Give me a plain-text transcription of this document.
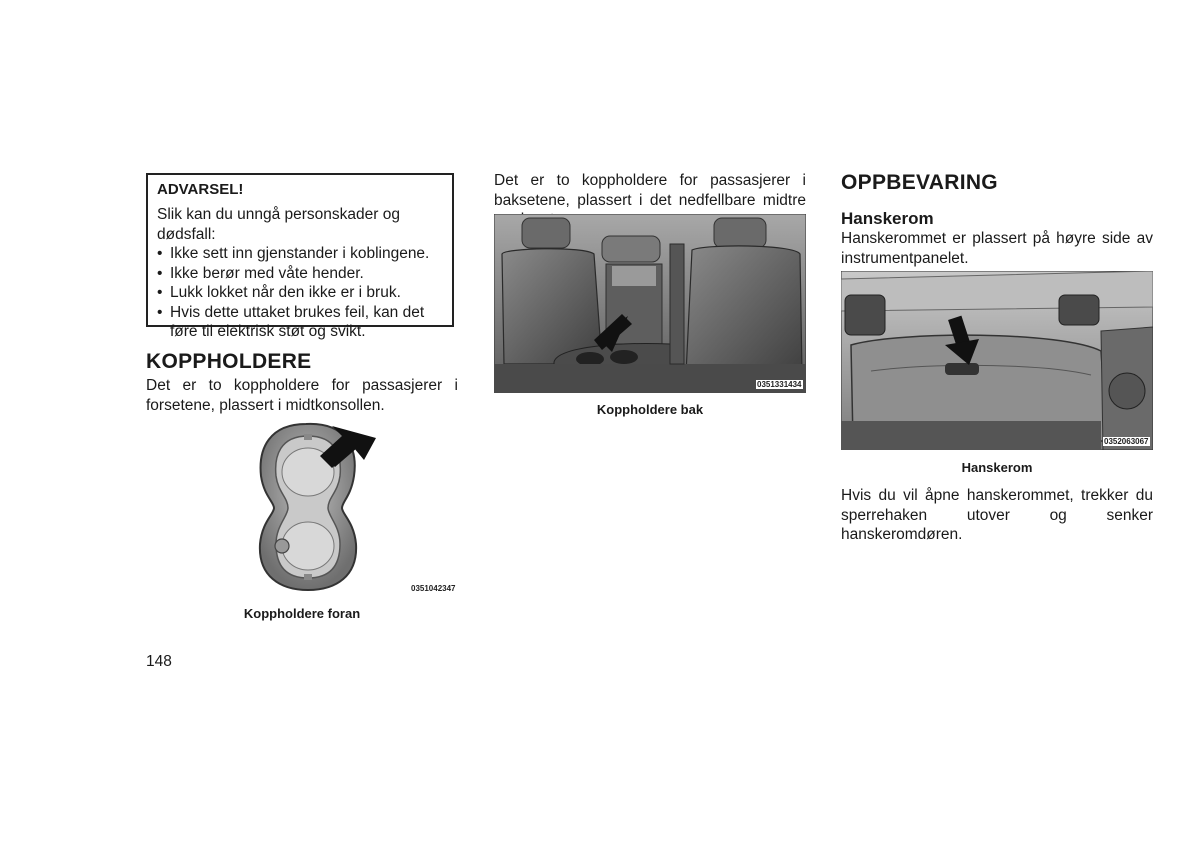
ADVARSEL!
Slik kan du unngå personskader og dødsfall:
• Ikke sett inn gjenstander i koblingene.
• Ikke berør med våte hender.
• Lukk lokket når den ikke er i bruk.
• Hvis dette uttaket brukes feil, kan det føre til elektrisk støt og svikt.
KOPPHOLDERE
Det er to koppholdere for passasjerer i forsetene, plassert i midtkonsollen.
0351042347
Koppholdere foran
148
Det er to koppholdere for passasjerer i baksetene, plassert i det nedfellbare midtre
0351331434
Koppholdere bak
OPPBEVARING
Hanskerom
Hanskerommet er plassert på høyre side av instrumentpanelet.
0352063067
Hanskerom
Hvis du vil åpne hanskerommet, trekker du sperrehaken utover og senker hanskeromdøren.
